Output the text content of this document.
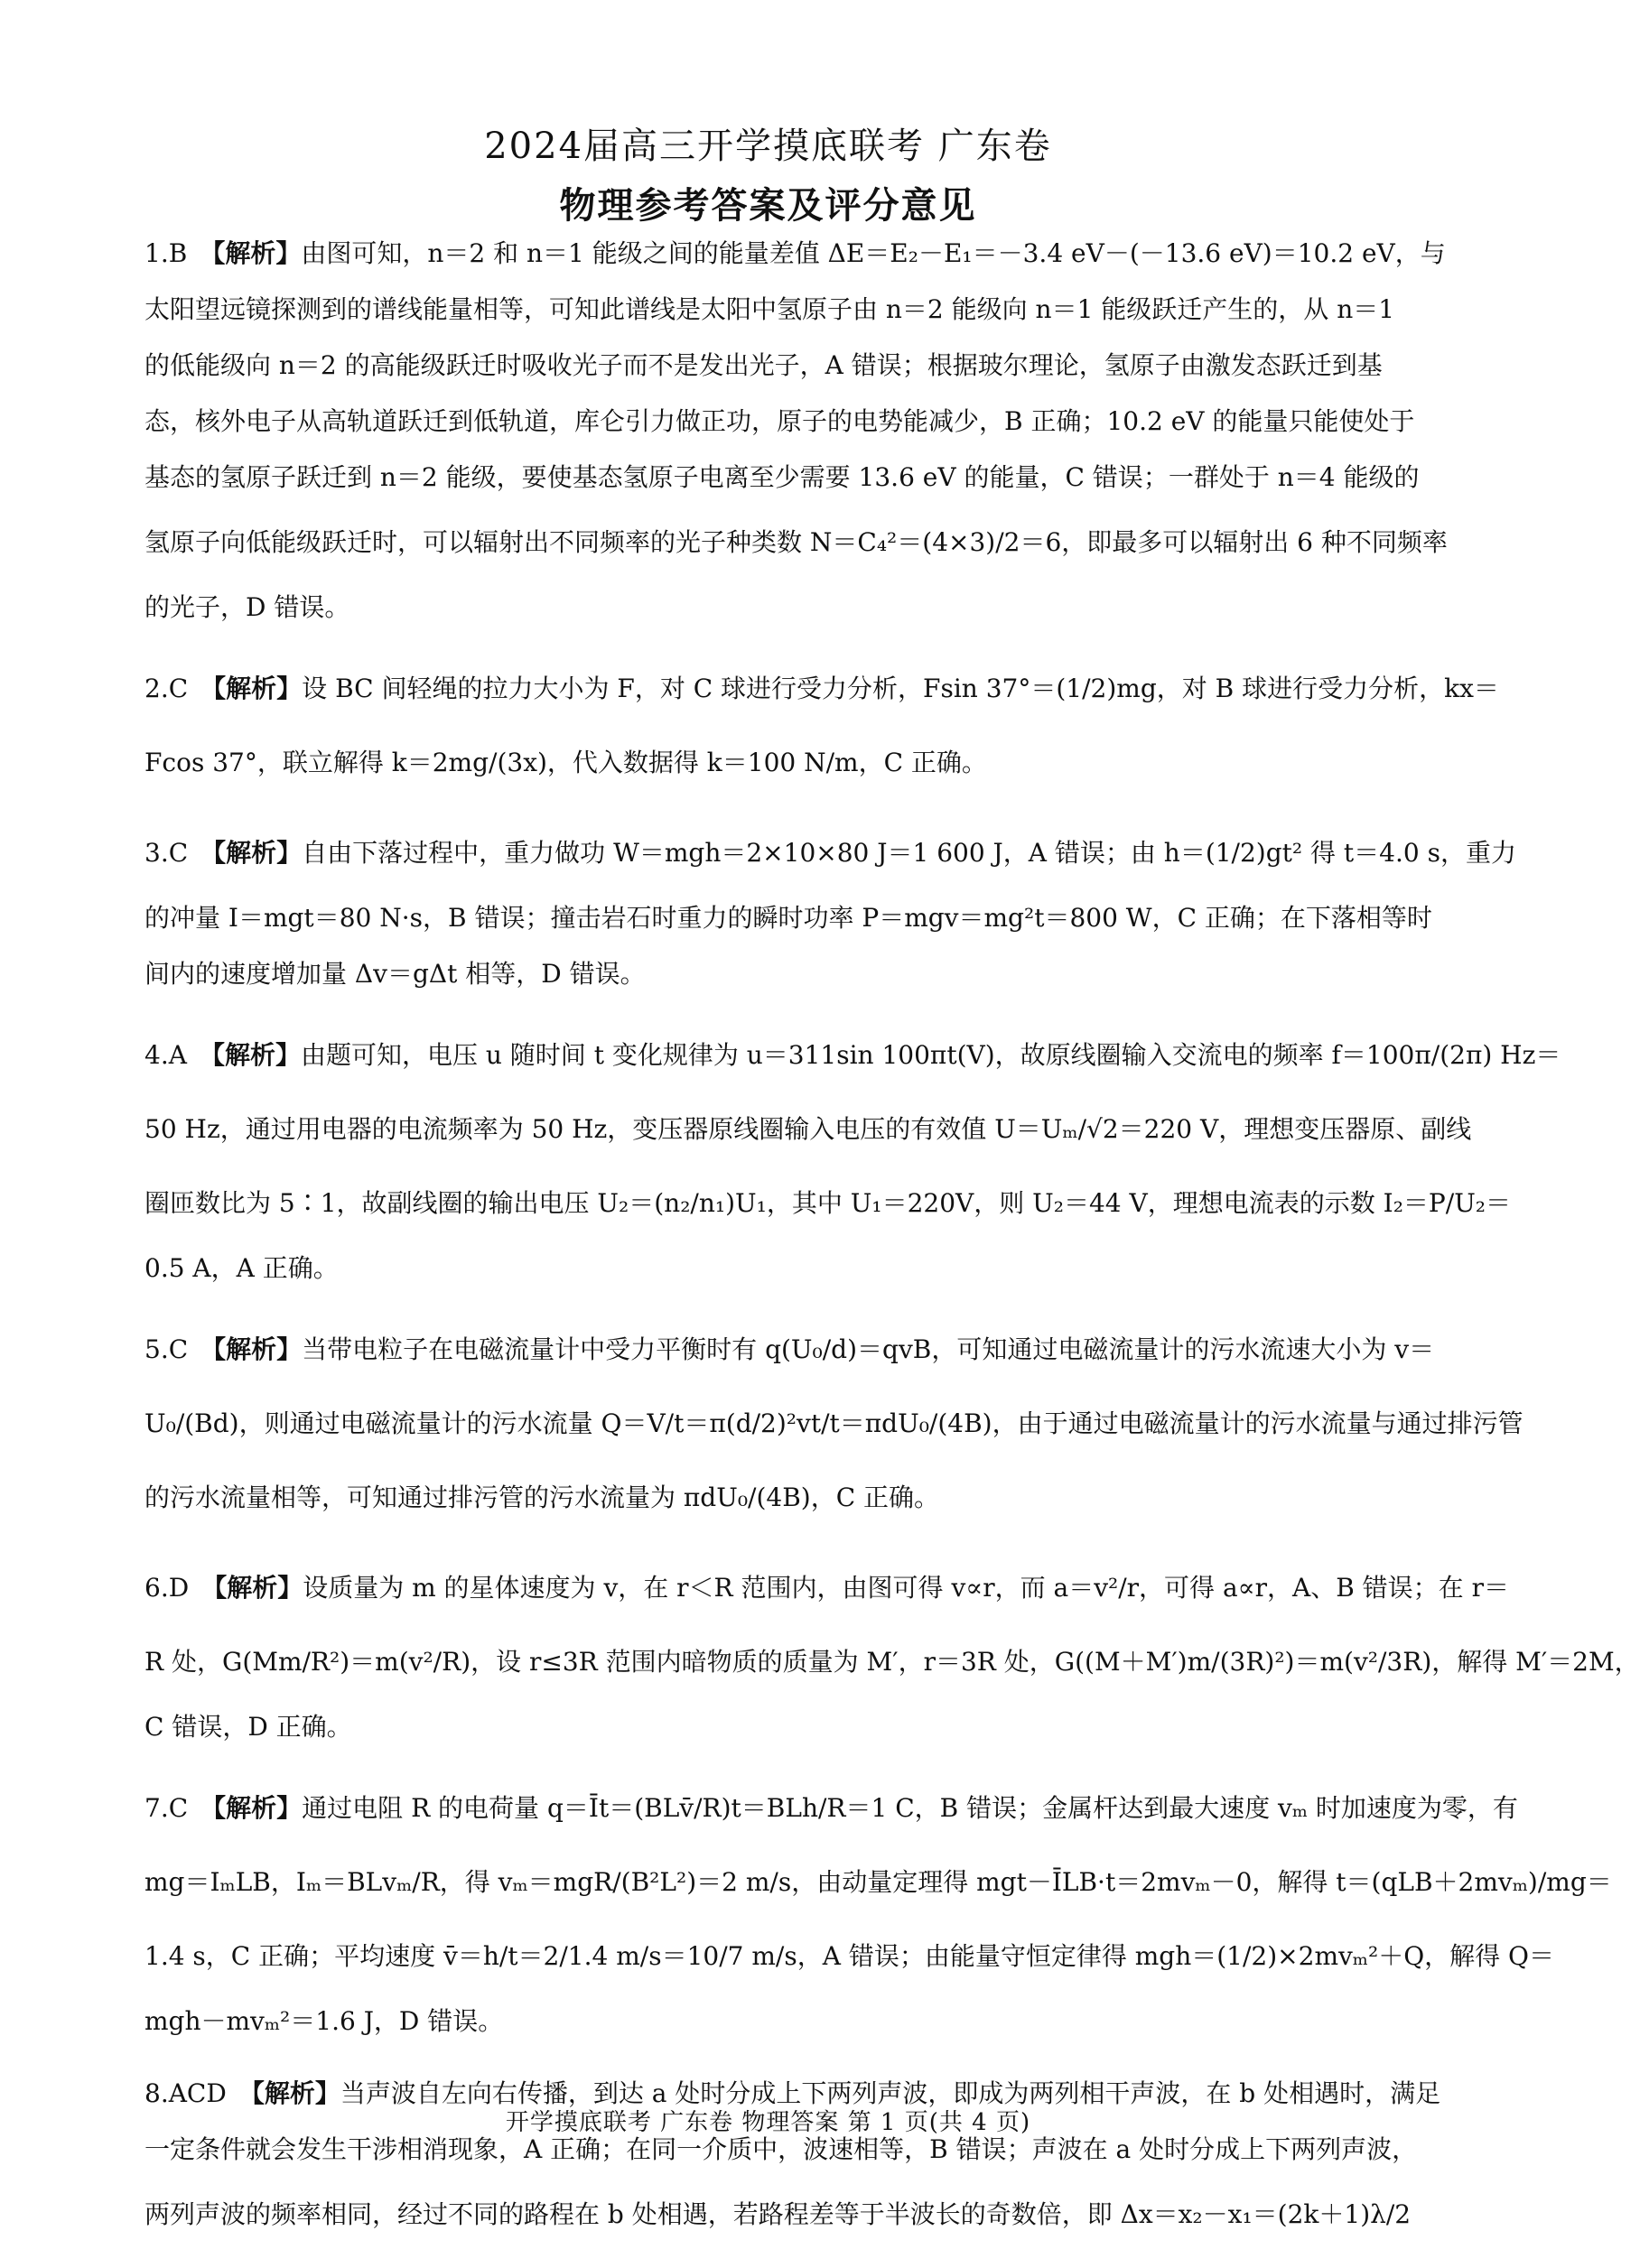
2024届高三开学摸底联考 广东卷
物理参考答案及评分意见
1.B　 【解析】由图可知，n＝2 和 n＝1 能级之间的能量差值 ΔE＝E₂－E₁＝－3.4 eV－(－13.6 eV)＝10.2 eV，与
太阳望远镜探测到的谱线能量相等，可知此谱线是太阳中氢原子由 n＝2 能级向 n＝1 能级跃迁产生的，从 n＝1
的低能级向 n＝2 的高能级跃迁时吸收光子而不是发出光子，A 错误；根据玻尔理论，氢原子由激发态跃迁到基
态，核外电子从高轨道跃迁到低轨道，库仑引力做正功，原子的电势能减少，B 正确；10.2 eV 的能量只能使处于
基态的氢原子跃迁到 n＝2 能级，要使基态氢原子电离至少需要 13.6 eV 的能量，C 错误；一群处于 n＝4 能级的
氢原子向低能级跃迁时，可以辐射出不同频率的光子种类数 N＝C₄²＝(4×3)/2＝6，即最多可以辐射出 6 种不同频率
的光子，D 错误。
2.C　 【解析】设 BC 间轻绳的拉力大小为 F，对 C 球进行受力分析，Fsin 37°＝(1/2)mg，对 B 球进行受力分析，kx＝
Fcos 37°，联立解得 k＝2mg/(3x)，代入数据得 k＝100 N/m，C 正确。
3.C　 【解析】自由下落过程中，重力做功 W＝mgh＝2×10×80 J＝1 600 J，A 错误；由 h＝(1/2)gt² 得 t＝4.0 s，重力
的冲量 I＝mgt＝80 N·s，B 错误；撞击岩石时重力的瞬时功率 P＝mgv＝mg²t＝800 W，C 正确；在下落相等时
间内的速度增加量 Δv＝gΔt 相等，D 错误。
4.A　 【解析】由题可知，电压 u 随时间 t 变化规律为 u＝311sin 100πt(V)，故原线圈输入交流电的频率 f＝100π/(2π) Hz＝
50 Hz，通过用电器的电流频率为 50 Hz，变压器原线圈输入电压的有效值 U＝Uₘ/√2＝220 V，理想变压器原、副线
圈匝数比为 5∶1，故副线圈的输出电压 U₂＝(n₂/n₁)U₁，其中 U₁＝220V，则 U₂＝44 V，理想电流表的示数 I₂＝P/U₂＝
0.5 A，A 正确。
5.C　 【解析】当带电粒子在电磁流量计中受力平衡时有 q(U₀/d)＝qvB，可知通过电磁流量计的污水流速大小为 v＝
U₀/(Bd)，则通过电磁流量计的污水流量 Q＝V/t＝π(d/2)²vt/t＝πdU₀/(4B)，由于通过电磁流量计的污水流量与通过排污管
的污水流量相等，可知通过排污管的污水流量为 πdU₀/(4B)，C 正确。
6.D　 【解析】设质量为 m 的星体速度为 v，在 r＜R 范围内，由图可得 v∝r，而 a＝v²/r，可得 a∝r，A、B 错误；在 r＝
R 处，G(Mm/R²)＝m(v²/R)，设 r≤3R 范围内暗物质的质量为 M′，r＝3R 处，G((M＋M′)m/(3R)²)＝m(v²/3R)，解得 M′＝2M，
C 错误，D 正确。
7.C　 【解析】通过电阻 R 的电荷量 q＝Īt＝(BLv̄/R)t＝BLh/R＝1 C，B 错误；金属杆达到最大速度 vₘ 时加速度为零，有
mg＝IₘLB，Iₘ＝BLvₘ/R，得 vₘ＝mgR/(B²L²)＝2 m/s，由动量定理得 mgt－ĪLB·t＝2mvₘ－0，解得 t＝(qLB＋2mvₘ)/mg＝
1.4 s，C 正确；平均速度 v̄＝h/t＝2/1.4 m/s＝10/7 m/s，A 错误；由能量守恒定律得 mgh＝(1/2)×2mvₘ²＋Q，解得 Q＝
mgh－mvₘ²＝1.6 J，D 错误。
8.ACD　 【解析】当声波自左向右传播，到达 a 处时分成上下两列声波，即成为两列相干声波，在 b 处相遇时，满足
一定条件就会发生干涉相消现象，A 正确；在同一介质中，波速相等，B 错误；声波在 a 处时分成上下两列声波，
两列声波的频率相同，经过不同的路程在 b 处相遇，若路程差等于半波长的奇数倍，即 Δx＝x₂－x₁＝(2k＋1)λ/2
开学摸底联考 广东卷 物理答案 第 1 页(共 4 页)
